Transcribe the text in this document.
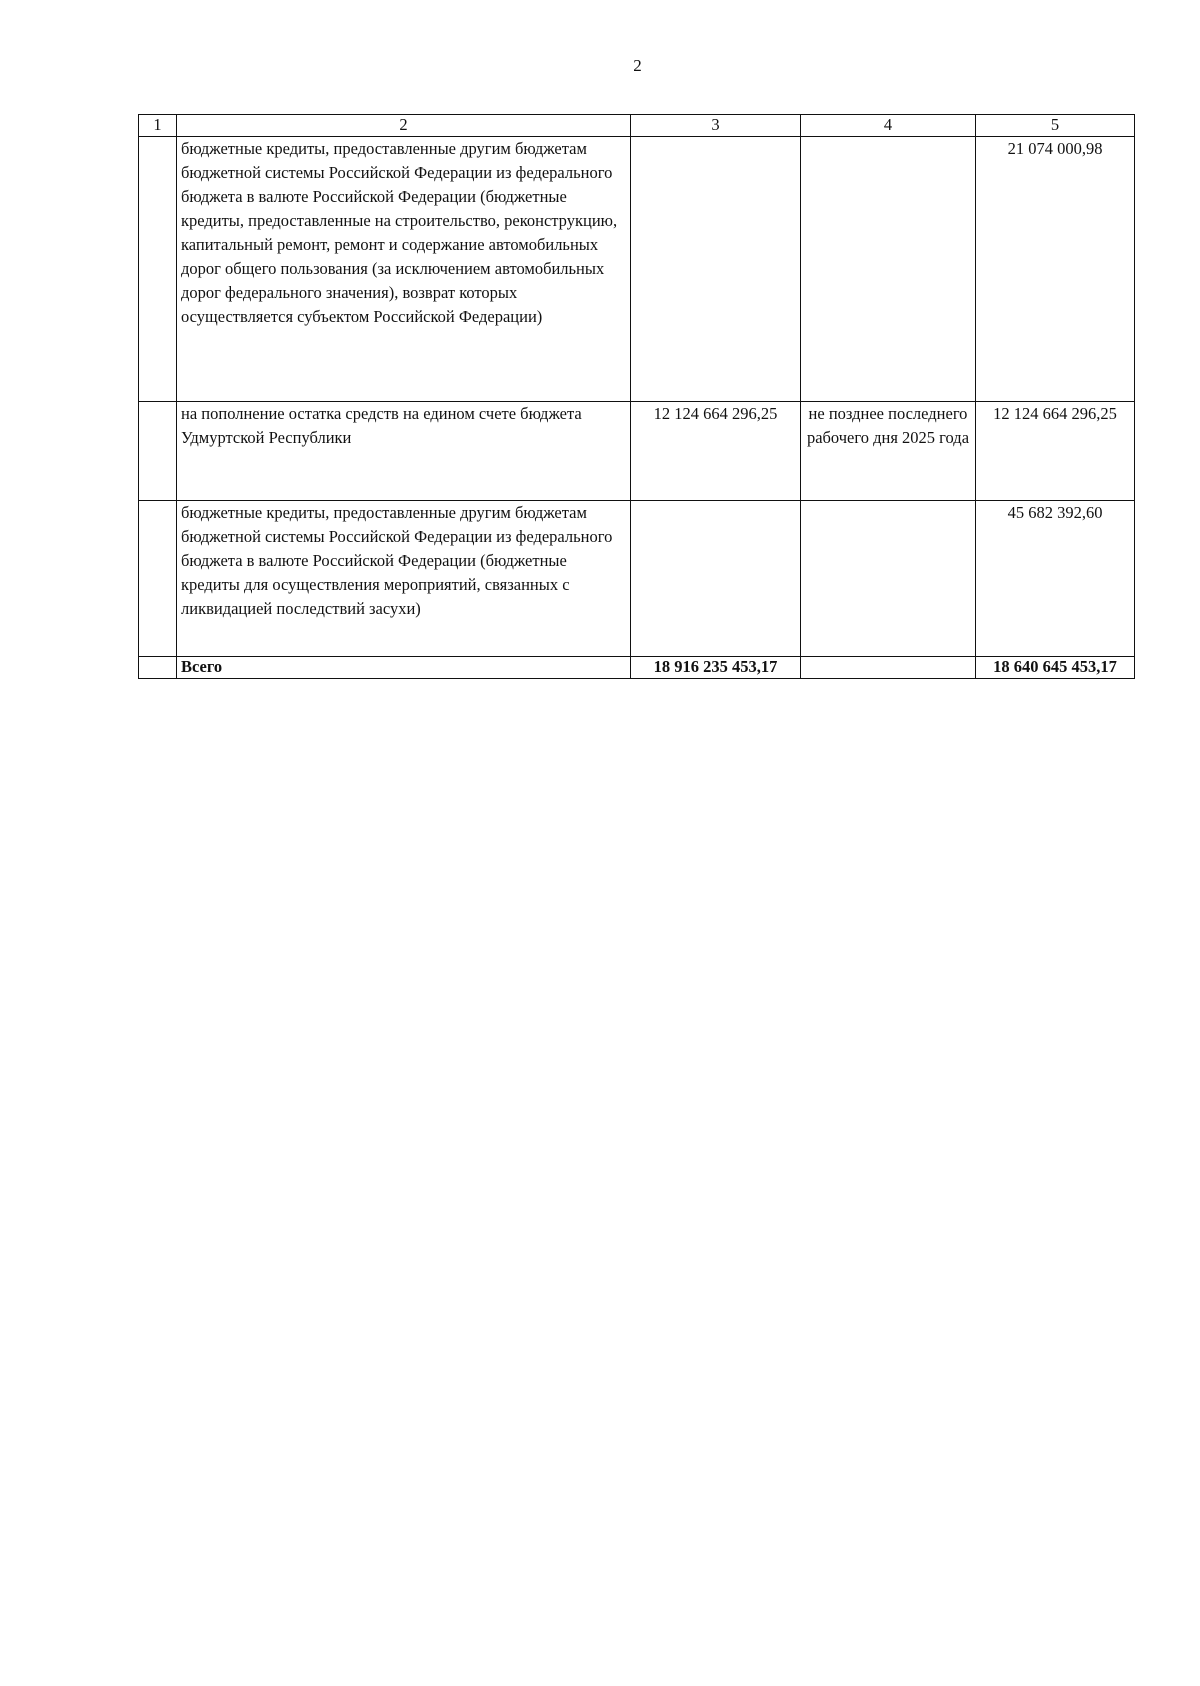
2
1	2	3	4	5
	бюджетные кредиты, предоставленные другим бюджетам бюджетной системы Российской Федерации из федерального бюджета в валюте Российской Федерации (бюджетные кредиты, предоставленные на строительство, реконструкцию, капитальный ремонт, ремонт и содержание автомобильных дорог общего пользования (за исключением автомобильных дорог федерального значения), возврат которых осуществляется субъектом Российской Федерации)			21 074 000,98
	на пополнение остатка средств на едином счете бюджета Удмуртской Республики	12 124 664 296,25	не позднее последнего рабочего дня 2025 года	12 124 664 296,25
	бюджетные кредиты, предоставленные другим бюджетам бюджетной системы Российской Федерации из федерального бюджета в валюте Российской Федерации (бюджетные кредиты для осуществления мероприятий, связанных с ликвидацией последствий засухи)			45 682 392,60
	Всего	18 916 235 453,17		18 640 645 453,17
